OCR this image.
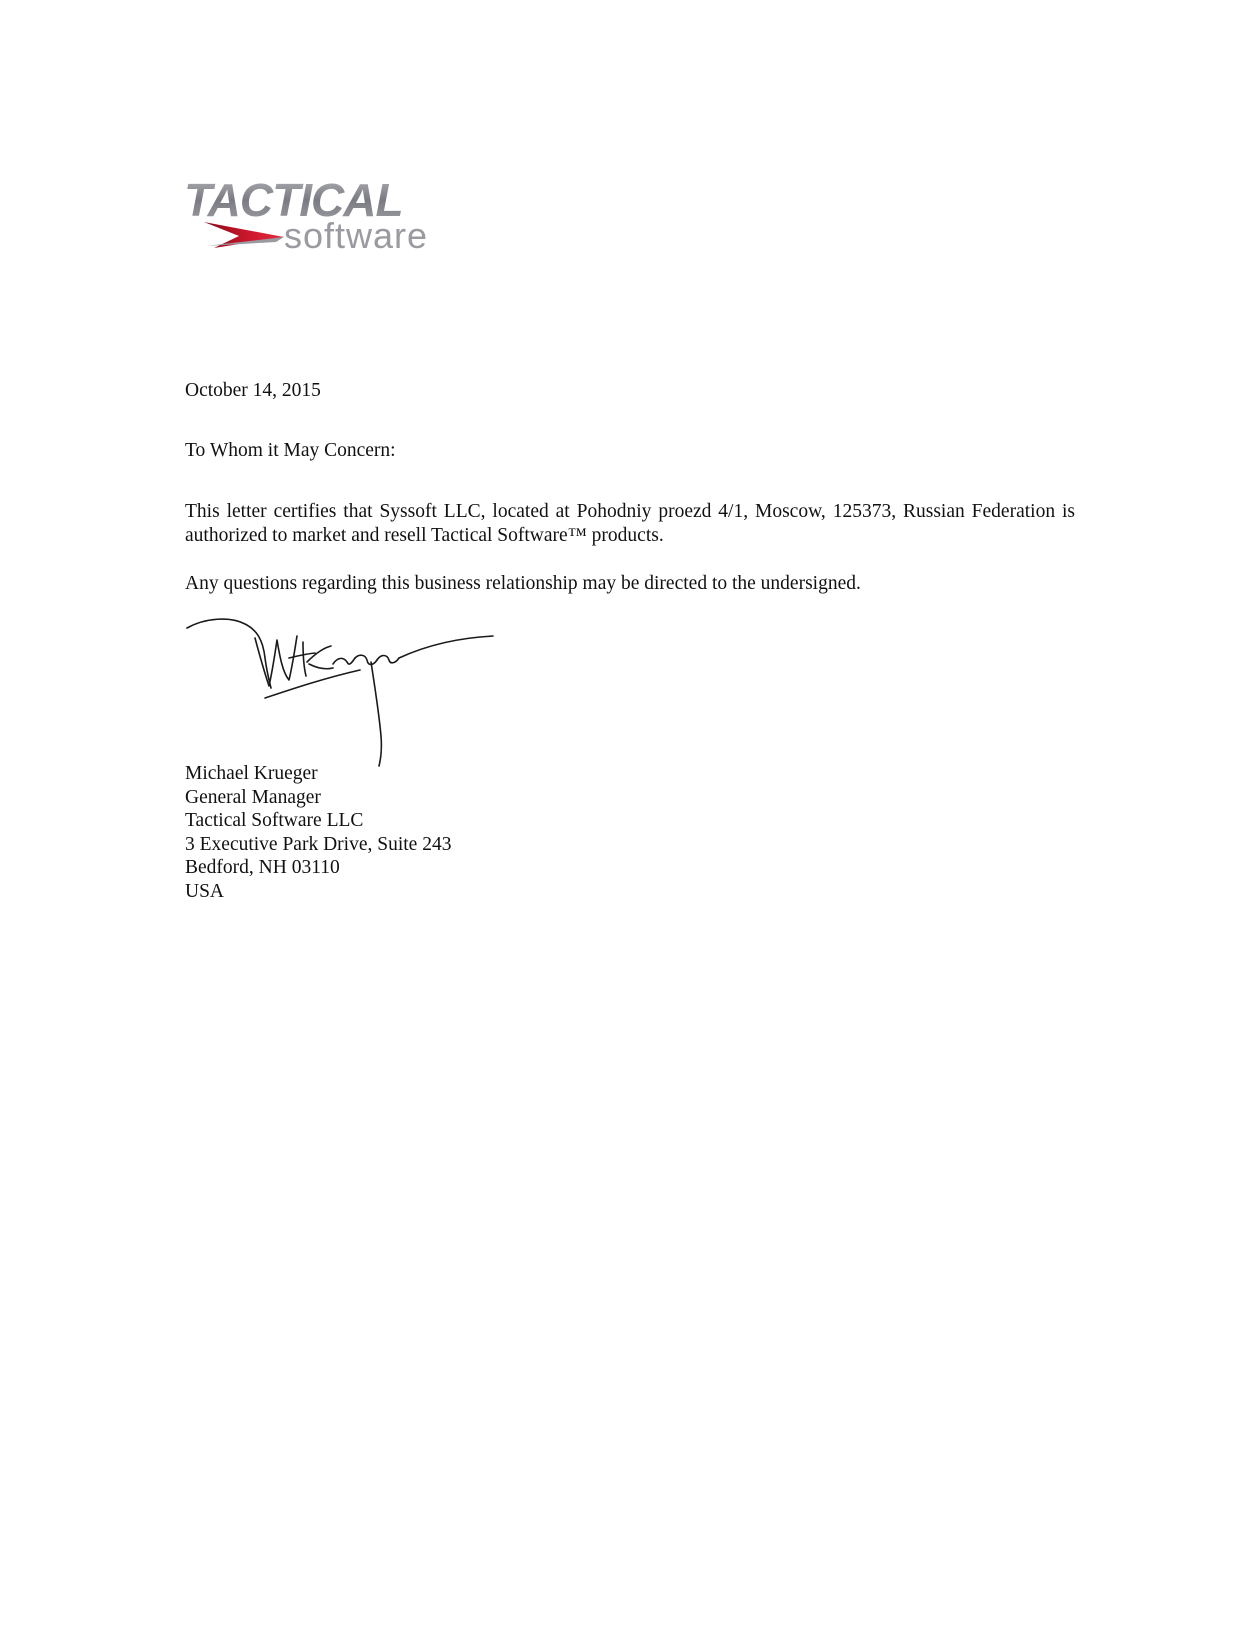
TACTICAL
software
October 14, 2015
To Whom it May Concern:
This letter certifies that Syssoft LLC, located at Pohodniy proezd 4/1, Moscow, 125373, Russian Federation is authorized to market and resell Tactical Software™ products.
Any questions regarding this business relationship may be directed to the undersigned.
Michael Krueger
General Manager
Tactical Software LLC
3 Executive Park Drive, Suite 243
Bedford, NH 03110
USA
